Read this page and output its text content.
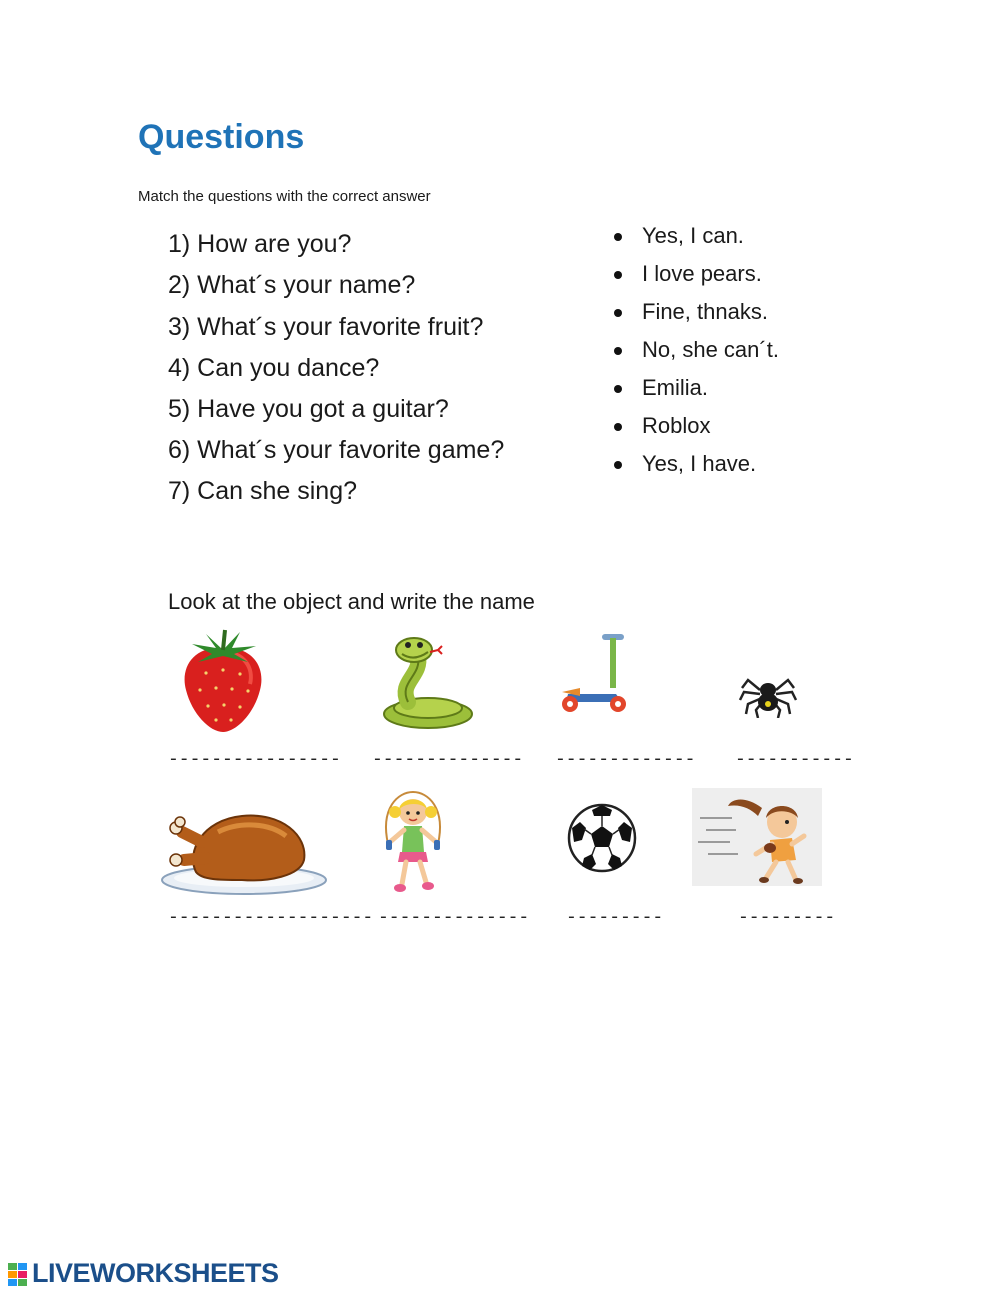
Questions
Match the questions with the correct answer
1) How are you?
2) What´s your name?
3) What´s your favorite fruit?
4) Can you dance?
5) Have you got a guitar?
6) What´s your favorite game?
7) Can she sing?
Yes, I can.
I love pears.
Fine, thnaks.
No, she can´t.
Emilia.
Roblox
Yes, I have.
Look at the object and write the name
---------------- -------------- ------------- -----------
------------------- -------------- ---------	---------
LIVEWORKSHEETS
